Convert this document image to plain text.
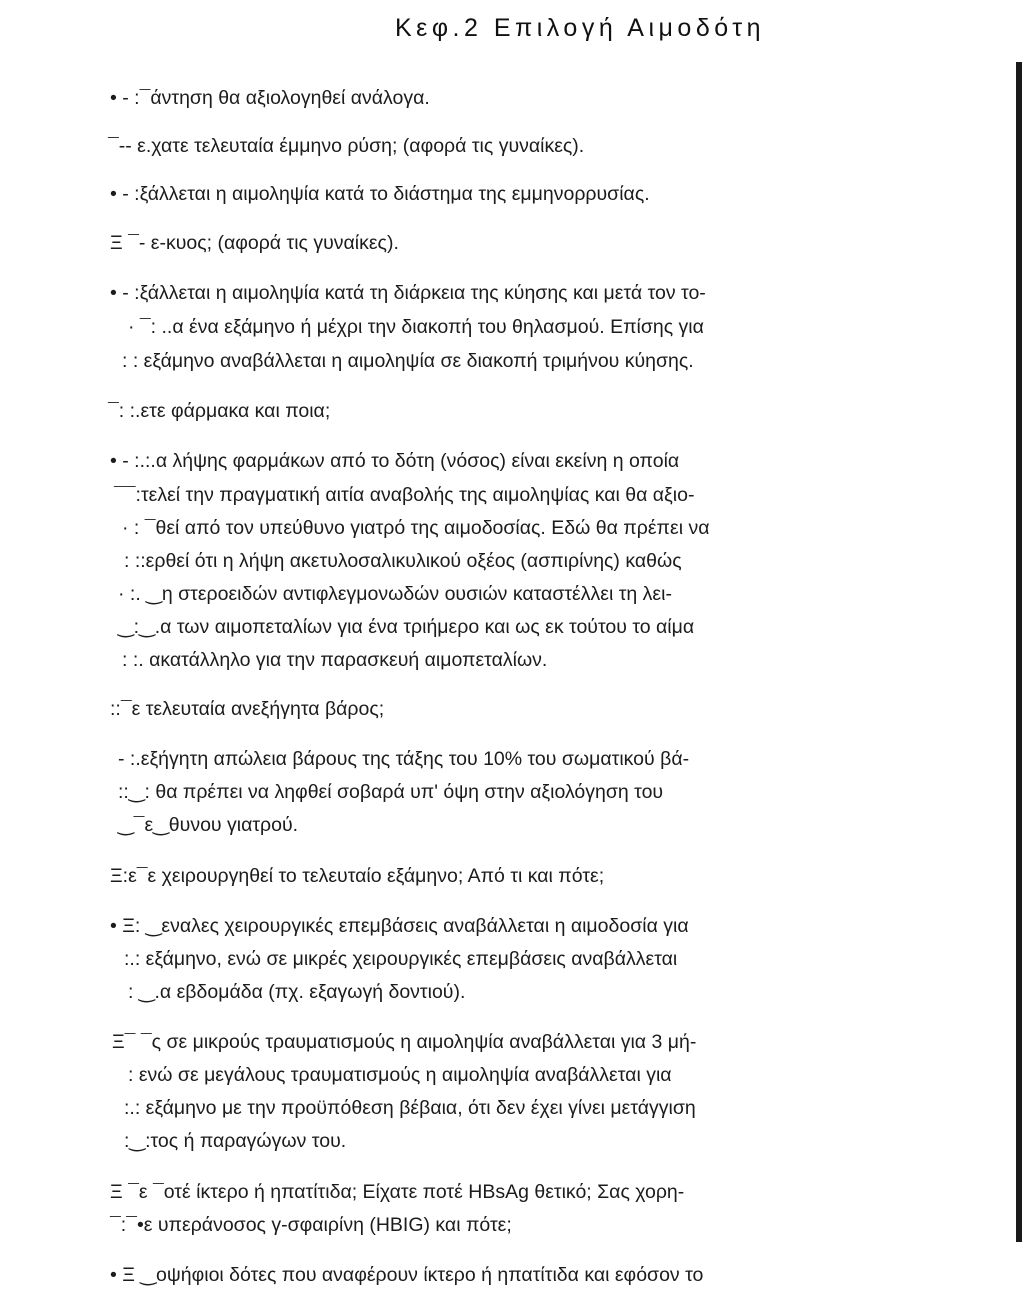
Κεφ.2 Επιλογή Αιμοδότη
• - :¯άντηση θα αξιολογηθεί ανάλογα.
¯‑‑ ε.χατε τελευταία έμμηνο ρύση; (αφορά τις γυναίκες).
• - :ξάλλεται η αιμοληψία κατά το διάστημα της εμμηνορρυσίας.
Ξ ¯‑ ε‑κυος; (αφορά τις γυναίκες).
• - :ξάλλεται η αιμοληψία κατά τη διάρκεια της κύησης και μετά τον το-
· ¯: ..α ένα εξάμηνο ή μέχρι την διακοπή του θηλασμού. Επίσης για
: : εξάμηνο αναβάλλεται η αιμοληψία σε διακοπή τριμήνου κύησης.
¯: :.ετε φάρμακα και ποια;
• - :.:.α λήψης φαρμάκων από το δότη (νόσος) είναι εκείνη η οποία
¯¯:τελεί την πραγματική αιτία αναβολής της αιμοληψίας και θα αξιο-
· : ¯θεί από τον υπεύθυνο γιατρό της αιμοδοσίας. Εδώ θα πρέπει να
: ::ερθεί ότι η λήψη ακετυλοσαλικυλικού οξέος (ασπιρίνης) καθώς
· :. ‿η στεροειδών αντιφλεγμονωδών ουσιών καταστέλλει τη λει-
‿:‿.α των αιμοπεταλίων για ένα τριήμερο και ως εκ τούτου το αίμα
: :. ακατάλληλο για την παρασκευή αιμοπεταλίων.
::¯ε τελευταία ανεξήγητα βάρος;
- :.εξήγητη απώλεια βάρους της τάξης του 10% του σωματικού βά-
::‿: θα πρέπει να ληφθεί σοβαρά υπ' όψη στην αξιολόγηση του
‿¯ε‿θυνου γιατρού.
Ξ:ε¯ε χειρουργηθεί το τελευταίο εξάμηνο; Από τι και πότε;
• Ξ: ‿εναλες χειρουργικές επεμβάσεις αναβάλλεται η αιμοδοσία για
:.: εξάμηνο, ενώ σε μικρές χειρουργικές επεμβάσεις αναβάλλεται
: ‿.α εβδομάδα (πχ. εξαγωγή δοντιού).
Ξ¯ ¯ς σε μικρούς τραυματισμούς η αιμοληψία αναβάλλεται για 3 μή-
: ενώ σε μεγάλους τραυματισμούς η αιμοληψία αναβάλλεται για
:.: εξάμηνο με την προϋπόθεση βέβαια, ότι δεν έχει γίνει μετάγγιση
:‿:τος ή παραγώγων του.
Ξ ¯ε ¯οτέ ίκτερο ή ηπατίτιδα; Είχατε ποτέ HBsAg θετικό; Σας χορη-
¯:¯•ε υπεράνοσος γ-σφαιρίνη (HBIG) και πότε;
• Ξ ‿οψήφιοι δότες που αναφέρουν ίκτερο ή ηπατίτιδα και εφόσον το
